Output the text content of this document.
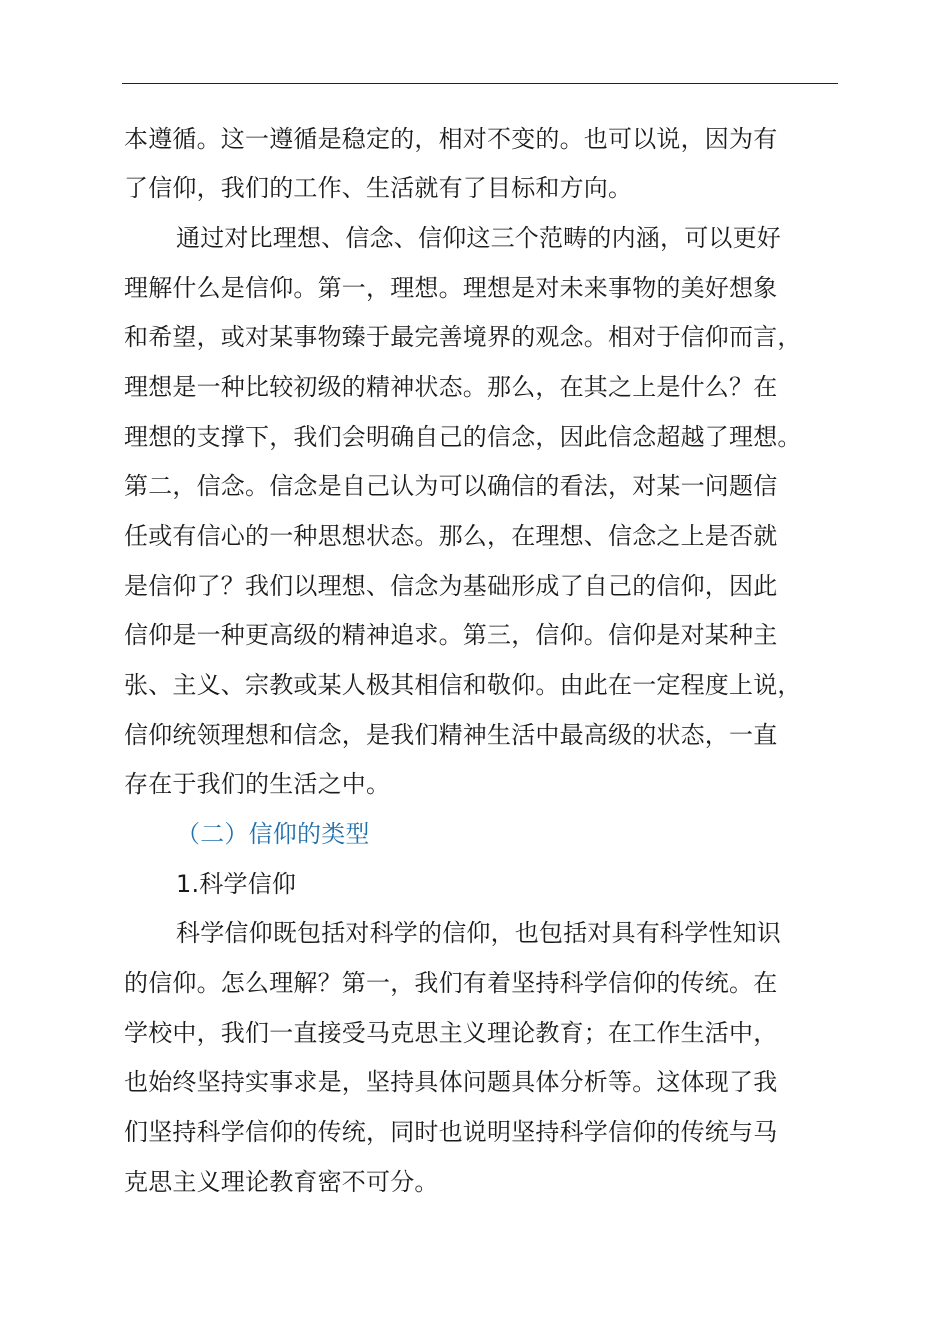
本遵循。这一遵循是稳定的，相对不变的。也可以说，因为有
了信仰，我们的工作、生活就有了目标和方向。
通过对比理想、信念、信仰这三个范畴的内涵，可以更好
理解什么是信仰。第一，理想。理想是对未来事物的美好想象
和希望，或对某事物臻于最完善境界的观念。相对于信仰而言，
理想是一种比较初级的精神状态。那么，在其之上是什么？在
理想的支撑下，我们会明确自己的信念，因此信念超越了理想。
第二，信念。信念是自己认为可以确信的看法，对某一问题信
任或有信心的一种思想状态。那么，在理想、信念之上是否就
是信仰了？我们以理想、信念为基础形成了自己的信仰，因此
信仰是一种更高级的精神追求。第三，信仰。信仰是对某种主
张、主义、宗教或某人极其相信和敬仰。由此在一定程度上说，
信仰统领理想和信念，是我们精神生活中最高级的状态，一直
存在于我们的生活之中。
（二）信仰的类型
1.科学信仰
科学信仰既包括对科学的信仰，也包括对具有科学性知识
的信仰。怎么理解？第一，我们有着坚持科学信仰的传统。在
学校中，我们一直接受马克思主义理论教育；在工作生活中，
也始终坚持实事求是，坚持具体问题具体分析等。这体现了我
们坚持科学信仰的传统，同时也说明坚持科学信仰的传统与马
克思主义理论教育密不可分。
